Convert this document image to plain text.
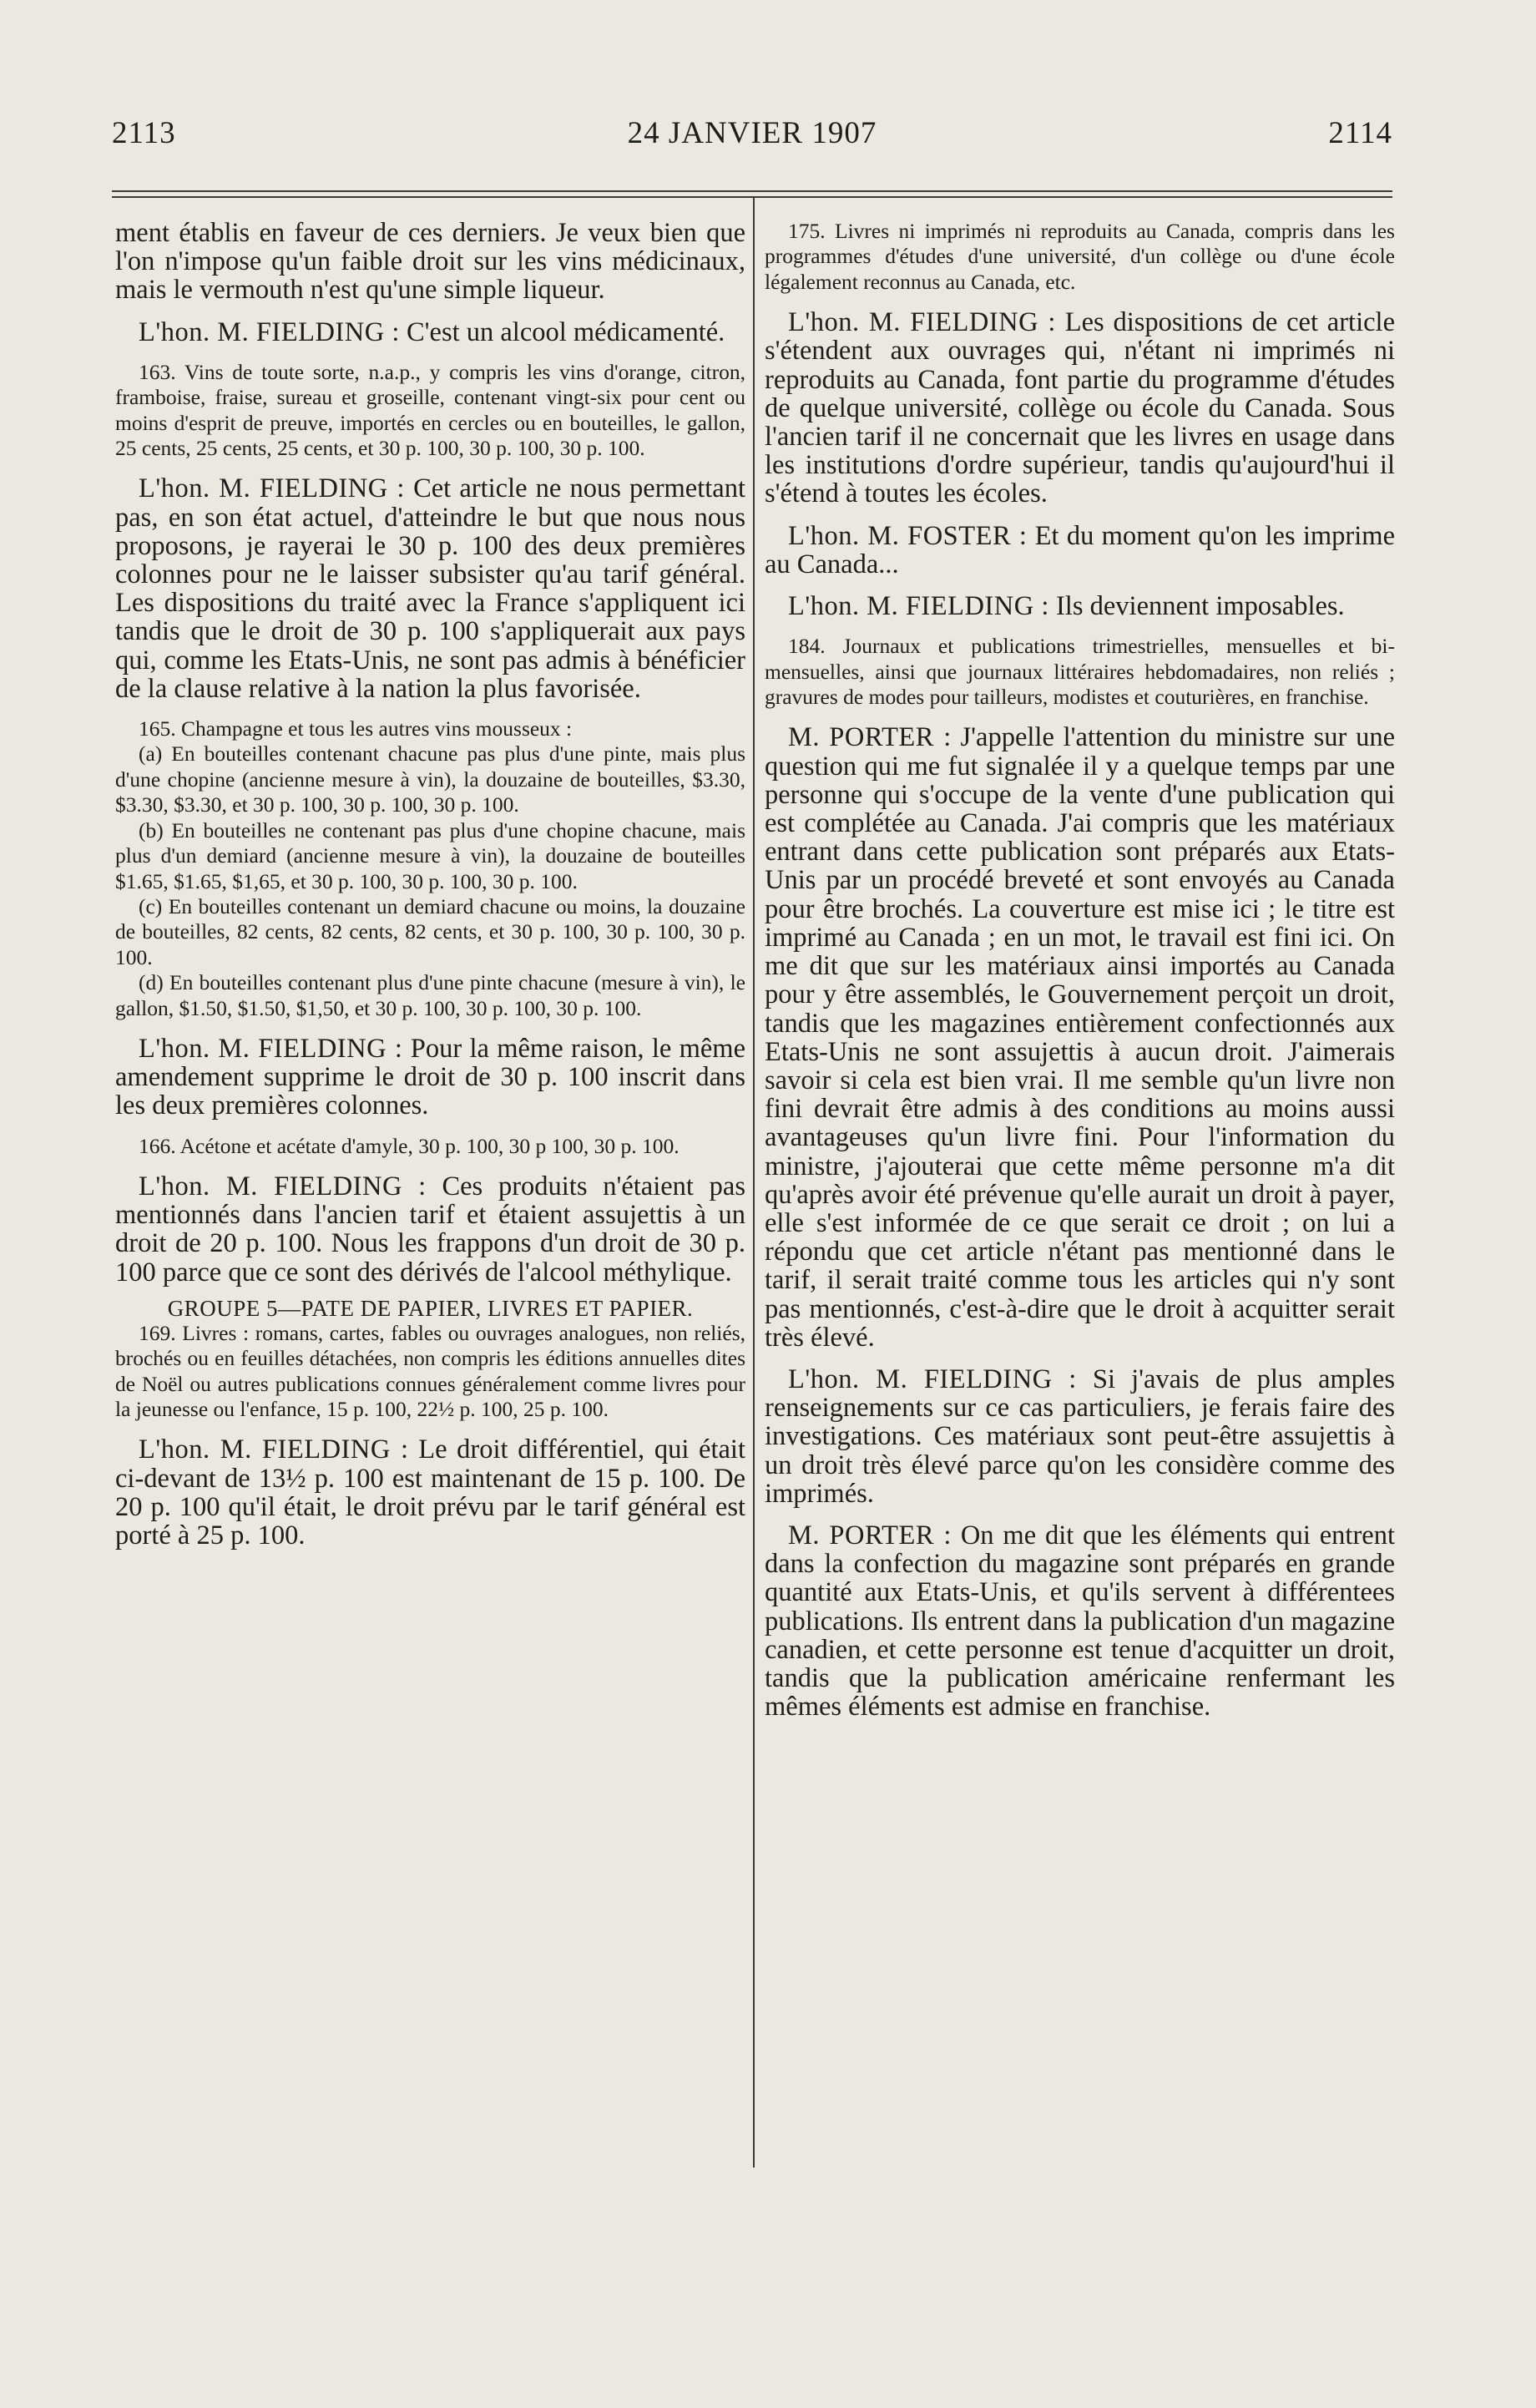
2113	24 JANVIER 1907	2114

ment établis en faveur de ces derniers. Je veux bien que l'on n'impose qu'un faible droit sur les vins médicinaux, mais le vermouth n'est qu'une simple liqueur.

L'hon. M. FIELDING : C'est un alcool médicamenté.

163. Vins de toute sorte, n.a.p., y compris les vins d'orange, citron, framboise, fraise, sureau et groseille, contenant vingt-six pour cent ou moins d'esprit de preuve, importés en cercles ou en bouteilles, le gallon, 25 cents, 25 cents, 25 cents, et 30 p. 100, 30 p. 100, 30 p. 100.

L'hon. M. FIELDING : Cet article ne nous permettant pas, en son état actuel, d'atteindre le but que nous nous proposons, je rayerai le 30 p. 100 des deux premières colonnes pour ne le laisser subsister qu'au tarif général. Les dispositions du traité avec la France s'appliquent ici tandis que le droit de 30 p. 100 s'appliquerait aux pays qui, comme les Etats-Unis, ne sont pas admis à bénéficier de la clause relative à la nation la plus favorisée.

165. Champagne et tous les autres vins mousseux :

(a) En bouteilles contenant chacune pas plus d'une pinte, mais plus d'une chopine (ancienne mesure à vin), la douzaine de bouteilles, $3.30, $3.30, $3.30, et 30 p. 100, 30 p. 100, 30 p. 100.

(b) En bouteilles ne contenant pas plus d'une chopine chacune, mais plus d'un demiard (ancienne mesure à vin), la douzaine de bouteilles $1.65, $1.65, $1,65, et 30 p. 100, 30 p. 100, 30 p. 100.

(c) En bouteilles contenant un demiard chacune ou moins, la douzaine de bouteilles, 82 cents, 82 cents, 82 cents, et 30 p. 100, 30 p. 100, 30 p. 100.

(d) En bouteilles contenant plus d'une pinte chacune (mesure à vin), le gallon, $1.50, $1.50, $1,50, et 30 p. 100, 30 p. 100, 30 p. 100.

L'hon. M. FIELDING : Pour la même raison, le même amendement supprime le droit de 30 p. 100 inscrit dans les deux premières colonnes.

166. Acétone et acétate d'amyle, 30 p. 100, 30 p 100, 30 p. 100.

L'hon. M. FIELDING : Ces produits n'étaient pas mentionnés dans l'ancien tarif et étaient assujettis à un droit de 20 p. 100. Nous les frappons d'un droit de 30 p. 100 parce que ce sont des dérivés de l'alcool méthylique.

GROUPE 5—PATE DE PAPIER, LIVRES ET PAPIER.

169. Livres : romans, cartes, fables ou ouvrages analogues, non reliés, brochés ou en feuilles détachées, non compris les éditions annuelles dites de Noël ou autres publications connues généralement comme livres pour la jeunesse ou l'enfance, 15 p. 100, 22½ p. 100, 25 p. 100.

L'hon. M. FIELDING : Le droit différentiel, qui était ci-devant de 13½ p. 100 est maintenant de 15 p. 100. De 20 p. 100 qu'il était, le droit prévu par le tarif général est porté à 25 p. 100.

175. Livres ni imprimés ni reproduits au Canada, compris dans les programmes d'études d'une université, d'un collège ou d'une école légalement reconnus au Canada, etc.

L'hon. M. FIELDING : Les dispositions de cet article s'étendent aux ouvrages qui, n'étant ni imprimés ni reproduits au Canada, font partie du programme d'études de quelque université, collège ou école du Canada. Sous l'ancien tarif il ne concernait que les livres en usage dans les institutions d'ordre supérieur, tandis qu'aujourd'hui il s'étend à toutes les écoles.

L'hon. M. FOSTER : Et du moment qu'on les imprime au Canada...

L'hon. M. FIELDING : Ils deviennent imposables.

184. Journaux et publications trimestrielles, mensuelles et bi-mensuelles, ainsi que journaux littéraires hebdomadaires, non reliés ; gravures de modes pour tailleurs, modistes et couturières, en franchise.

M. PORTER : J'appelle l'attention du ministre sur une question qui me fut signalée il y a quelque temps par une personne qui s'occupe de la vente d'une publication qui est complétée au Canada. J'ai compris que les matériaux entrant dans cette publication sont préparés aux Etats-Unis par un procédé breveté et sont envoyés au Canada pour être brochés. La couverture est mise ici ; le titre est imprimé au Canada ; en un mot, le travail est fini ici. On me dit que sur les matériaux ainsi importés au Canada pour y être assemblés, le Gouvernement perçoit un droit, tandis que les magazines entièrement confectionnés aux Etats-Unis ne sont assujettis à aucun droit. J'aimerais savoir si cela est bien vrai. Il me semble qu'un livre non fini devrait être admis à des conditions au moins aussi avantageuses qu'un livre fini. Pour l'information du ministre, j'ajouterai que cette même personne m'a dit qu'après avoir été prévenue qu'elle aurait un droit à payer, elle s'est informée de ce que serait ce droit ; on lui a répondu que cet article n'étant pas mentionné dans le tarif, il serait traité comme tous les articles qui n'y sont pas mentionnés, c'est-à-dire que le droit à acquitter serait très élevé.

L'hon. M. FIELDING : Si j'avais de plus amples renseignements sur ce cas particuliers, je ferais faire des investigations. Ces matériaux sont peut-être assujettis à un droit très élevé parce qu'on les considère comme des imprimés.

M. PORTER : On me dit que les éléments qui entrent dans la confection du magazine sont préparés en grande quantité aux Etats-Unis, et qu'ils servent à différentees publications. Ils entrent dans la publication d'un magazine canadien, et cette personne est tenue d'acquitter un droit, tandis que la publication américaine renfermant les mêmes éléments est admise en franchise.
